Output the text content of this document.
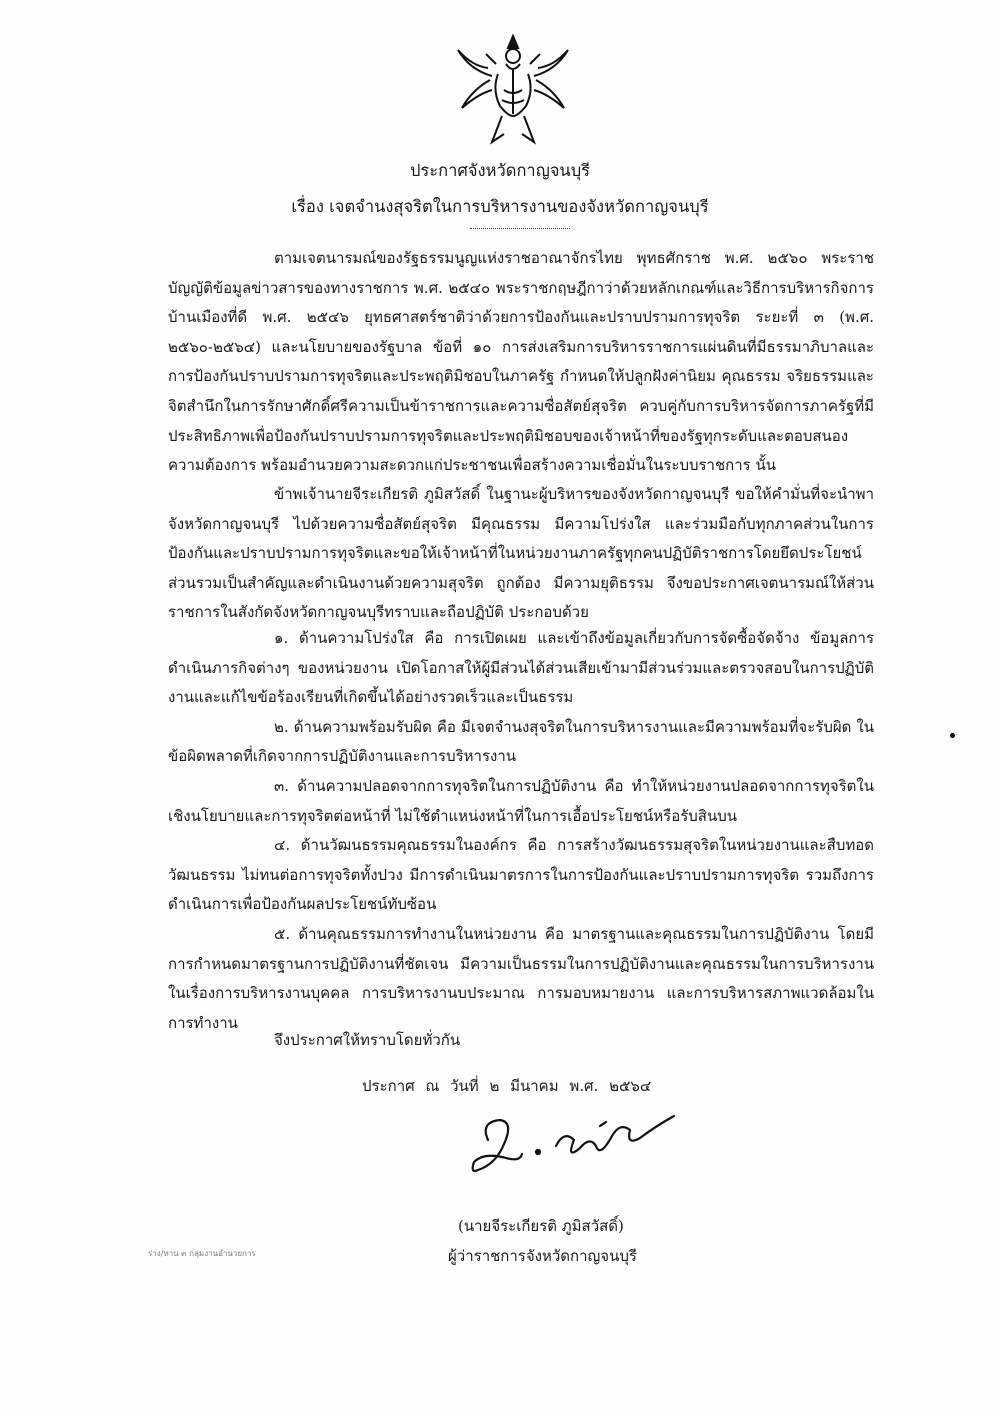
ประกาศจังหวัดกาญจนบุรี
เรื่อง เจตจำนงสุจริตในการบริหารงานของจังหวัดกาญจนบุรี

ตามเจตนารมณ์ของรัฐธรรมนูญแห่งราชอาณาจักรไทย พุทธศักราช พ.ศ. ๒๕๖๐ พระราชบัญญัติข้อมูลข่าวสารของทางราชการ พ.ศ. ๒๕๔๐ พระราชกฤษฎีกาว่าด้วยหลักเกณฑ์และวิธีการบริหารกิจการบ้านเมืองที่ดี พ.ศ. ๒๕๔๖ ยุทธศาสตร์ชาติว่าด้วยการป้องกันและปราบปรามการทุจริต ระยะที่ ๓ (พ.ศ. ๒๕๖๐-๒๕๖๔) และนโยบายของรัฐบาล ข้อที่ ๑๐ การส่งเสริมการบริหารราชการแผ่นดินที่มีธรรมาภิบาลและการป้องกันปราบปรามการทุจริตและประพฤติมิชอบในภาครัฐ กำหนดให้ปลูกฝังค่านิยม คุณธรรม จริยธรรมและจิตสำนึกในการรักษาศักดิ์ศรีความเป็นข้าราชการและความซื่อสัตย์สุจริต ควบคู่กับการบริหารจัดการภาครัฐที่มีประสิทธิภาพเพื่อป้องกันปราบปรามการทุจริตและประพฤติมิชอบของเจ้าหน้าที่ของรัฐทุกระดับและตอบสนองความต้องการ พร้อมอำนวยความสะดวกแก่ประชาชนเพื่อสร้างความเชื่อมั่นในระบบราชการ นั้น

ข้าพเจ้านายจีระเกียรติ ภูมิสวัสดิ์ ในฐานะผู้บริหารของจังหวัดกาญจนบุรี ขอให้คำมั่นที่จะนำพาจังหวัดกาญจนบุรี ไปด้วยความซื่อสัตย์สุจริต มีคุณธรรม มีความโปร่งใส และร่วมมือกับทุกภาคส่วนในการป้องกันและปราบปรามการทุจริตและขอให้เจ้าหน้าที่ในหน่วยงานภาครัฐทุกคนปฏิบัติราชการโดยยึดประโยชน์ส่วนรวมเป็นสำคัญและดำเนินงานด้วยความสุจริต ถูกต้อง มีความยุติธรรม จึงขอประกาศเจตนารมณ์ให้ส่วนราชการในสังกัดจังหวัดกาญจนบุรีทราบและถือปฏิบัติ ประกอบด้วย

๑. ด้านความโปร่งใส คือ การเปิดเผย และเข้าถึงข้อมูลเกี่ยวกับการจัดซื้อจัดจ้าง ข้อมูลการดำเนินภารกิจต่างๆ ของหน่วยงาน เปิดโอกาสให้ผู้มีส่วนได้ส่วนเสียเข้ามามีส่วนร่วมและตรวจสอบในการปฏิบัติงานและแก้ไขข้อร้องเรียนที่เกิดขึ้นได้อย่างรวดเร็วและเป็นธรรม

๒. ด้านความพร้อมรับผิด คือ มีเจตจำนงสุจริตในการบริหารงานและมีความพร้อมที่จะรับผิด ในข้อผิดพลาดที่เกิดจากการปฏิบัติงานและการบริหารงาน

๓. ด้านความปลอดจากการทุจริตในการปฏิบัติงาน คือ ทำให้หน่วยงานปลอดจากการทุจริตในเชิงนโยบายและการทุจริตต่อหน้าที่ ไม่ใช้ตำแหน่งหน้าที่ในการเอื้อประโยชน์หรือรับสินบน

๔. ด้านวัฒนธรรมคุณธรรมในองค์กร คือ การสร้างวัฒนธรรมสุจริตในหน่วยงานและสืบทอดวัฒนธรรม ไม่ทนต่อการทุจริตทั้งปวง มีการดำเนินมาตรการในการป้องกันและปราบปรามการทุจริต รวมถึงการดำเนินการเพื่อป้องกันผลประโยชน์ทับซ้อน

๕. ด้านคุณธรรมการทำงานในหน่วยงาน คือ มาตรฐานและคุณธรรมในการปฏิบัติงาน โดยมีการกำหนดมาตรฐานการปฏิบัติงานที่ชัดเจน มีความเป็นธรรมในการปฏิบัติงานและคุณธรรมในการบริหารงาน ในเรื่องการบริหารงานบุคคล การบริหารงานบประมาณ การมอบหมายงาน และการบริหารสภาพแวดล้อมในการทำงาน

จึงประกาศให้ทราบโดยทั่วกัน
ประกาศ ณ วันที่ ๒ มีนาคม พ.ศ. ๒๕๖๔
(นายจีระเกียรติ ภูมิสวัสดิ์)
ผู้ว่าราชการจังหวัดกาญจนบุรี
ร่าง/ทาน ๓ กลุ่มงานอำนวยการ
